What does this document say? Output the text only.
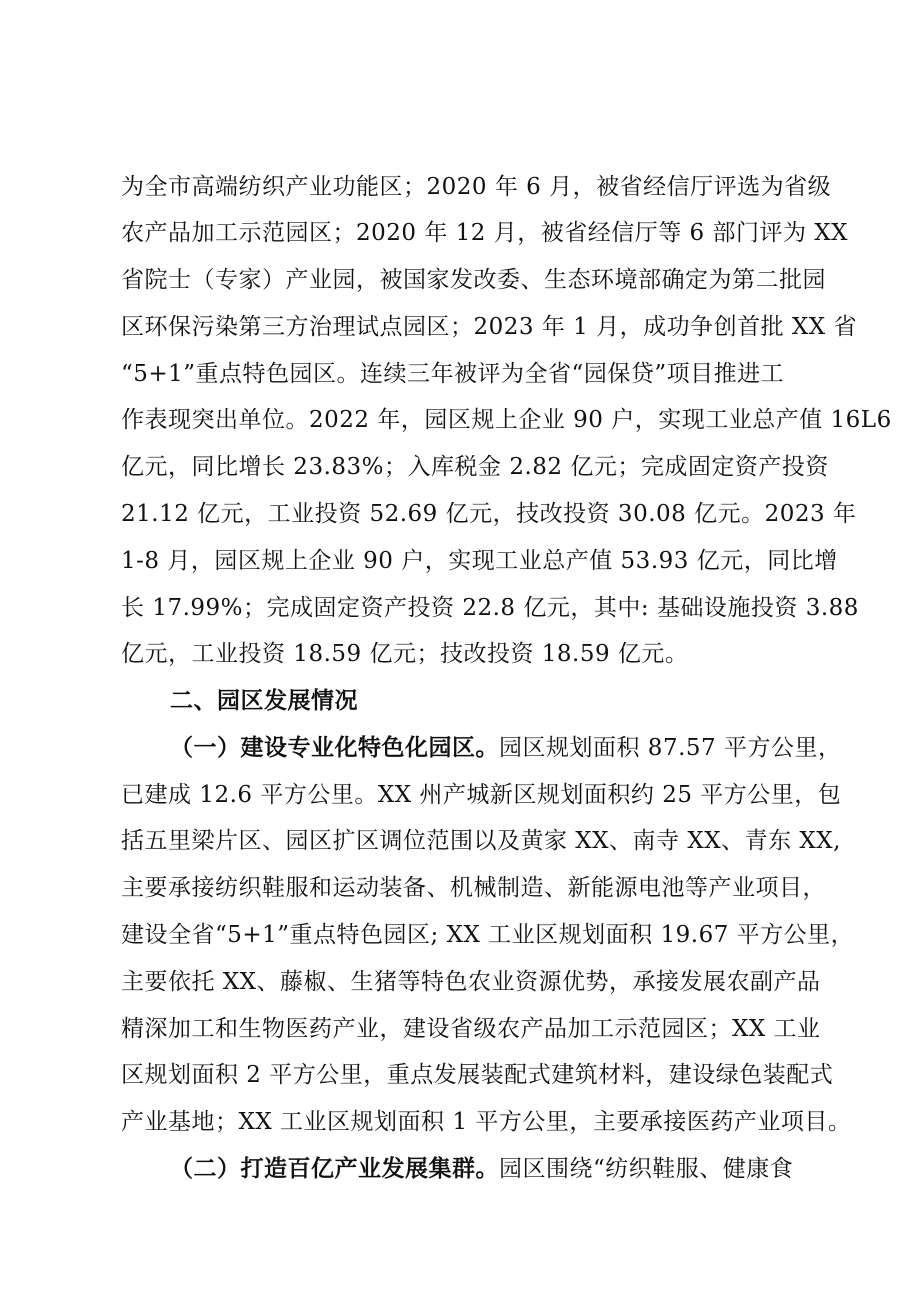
为全市高端纺织产业功能区；2020 年 6 月，被省经信厅评选为省级
农产品加工示范园区；2020 年 12 月，被省经信厅等 6 部门评为 XX
省院士（专家）产业园，被国家发改委、生态环境部确定为第二批园
区环保污染第三方治理试点园区；2023 年 1 月，成功争创首批 XX 省
“5+1”重点特色园区。连续三年被评为全省“园保贷”项目推进工
作表现突出单位。2022 年，园区规上企业 90 户，实现工业总产值 16L6
亿元，同比增长 23.83%；入库税金 2.82 亿元；完成固定资产投资
21.12 亿元，工业投资 52.69 亿元，技改投资 30.08 亿元。2023 年
1-8 月，园区规上企业 90 户，实现工业总产值 53.93 亿元，同比增
长 17.99%；完成固定资产投资 22.8 亿元，其中: 基础设施投资 3.88
亿元，工业投资 18.59 亿元；技改投资 18.59 亿元。
二、园区发展情况
（一）建设专业化特色化园区。园区规划面积 87.57 平方公里，
已建成 12.6 平方公里。XX 州产城新区规划面积约 25 平方公里，包
括五里梁片区、园区扩区调位范围以及黄家 XX、南寺 XX、青东 XX,
主要承接纺织鞋服和运动装备、机械制造、新能源电池等产业项目，
建设全省“5+1”重点特色园区; XX 工业区规划面积 19.67 平方公里，
主要依托 XX、藤椒、生猪等特色农业资源优势，承接发展农副产品
精深加工和生物医药产业，建设省级农产品加工示范园区；XX 工业
区规划面积 2 平方公里，重点发展装配式建筑材料，建设绿色装配式
产业基地；XX 工业区规划面积 1 平方公里，主要承接医药产业项目。
（二）打造百亿产业发展集群。园区围绕“纺织鞋服、健康食
